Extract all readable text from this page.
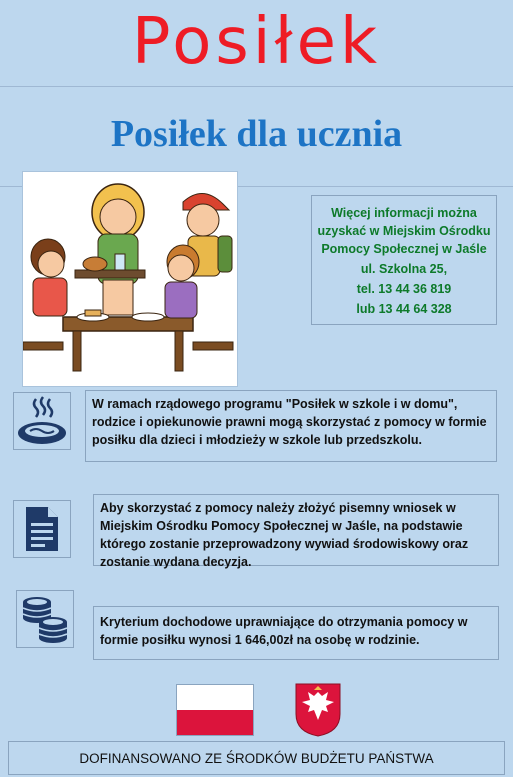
Posiłek
Posiłek dla ucznia
Więcej informacji można
uzyskać w Miejskim Ośrodku
Pomocy Społecznej w Jaśle
ul. Szkolna 25,
tel. 13 44 36 819
lub 13 44 64 328
W ramach rządowego programu "Posiłek w szkole i w domu", rodzice i opiekunowie prawni mogą skorzystać z pomocy w formie posiłku dla dzieci i młodzieży w szkole lub przedszkolu.
Aby skorzystać z pomocy należy złożyć pisemny wniosek w Miejskim Ośrodku Pomocy Społecznej w Jaśle, na podstawie którego zostanie przeprowadzony wywiad środowiskowy oraz zostanie wydana decyzja.
Kryterium dochodowe uprawniające do otrzymania pomocy w formie posiłku wynosi 1 646,00zł na osobę w rodzinie.
DOFINANSOWANO ZE ŚRODKÓW BUDŻETU PAŃSTWA
